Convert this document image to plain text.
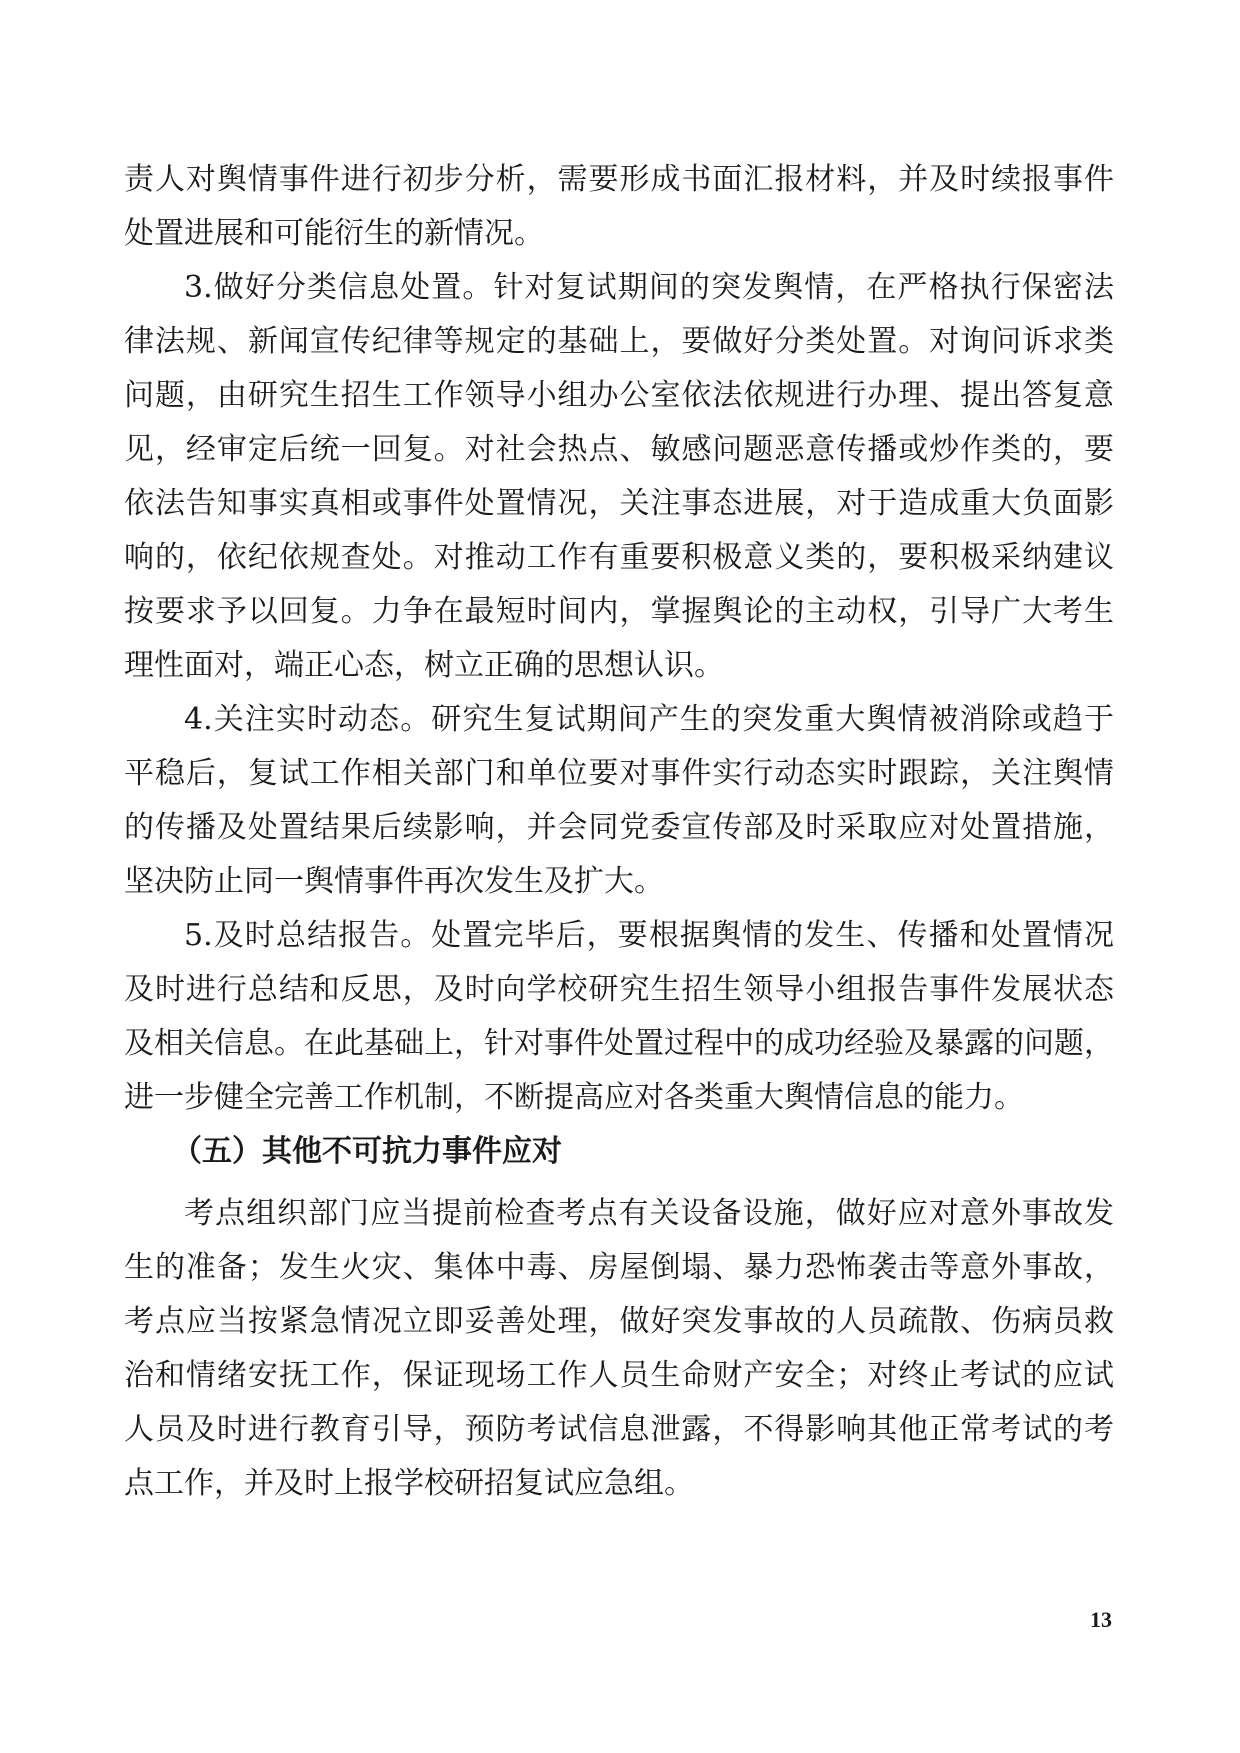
责人对舆情事件进行初步分析，需要形成书面汇报材料，并及时续报事件
处置进展和可能衍生的新情况。
3.做好分类信息处置。针对复试期间的突发舆情，在严格执行保密法
律法规、新闻宣传纪律等规定的基础上，要做好分类处置。对询问诉求类
问题，由研究生招生工作领导小组办公室依法依规进行办理、提出答复意
见，经审定后统一回复。对社会热点、敏感问题恶意传播或炒作类的，要
依法告知事实真相或事件处置情况，关注事态进展，对于造成重大负面影
响的，依纪依规查处。对推动工作有重要积极意义类的，要积极采纳建议
按要求予以回复。力争在最短时间内，掌握舆论的主动权，引导广大考生
理性面对，端正心态，树立正确的思想认识。
4.关注实时动态。研究生复试期间产生的突发重大舆情被消除或趋于
平稳后，复试工作相关部门和单位要对事件实行动态实时跟踪，关注舆情
的传播及处置结果后续影响，并会同党委宣传部及时采取应对处置措施，
坚决防止同一舆情事件再次发生及扩大。
5.及时总结报告。处置完毕后，要根据舆情的发生、传播和处置情况
及时进行总结和反思，及时向学校研究生招生领导小组报告事件发展状态
及相关信息。在此基础上，针对事件处置过程中的成功经验及暴露的问题，
进一步健全完善工作机制，不断提高应对各类重大舆情信息的能力。
（五）其他不可抗力事件应对
考点组织部门应当提前检查考点有关设备设施，做好应对意外事故发
生的准备；发生火灾、集体中毒、房屋倒塌、暴力恐怖袭击等意外事故，
考点应当按紧急情况立即妥善处理，做好突发事故的人员疏散、伤病员救
治和情绪安抚工作，保证现场工作人员生命财产安全；对终止考试的应试
人员及时进行教育引导，预防考试信息泄露，不得影响其他正常考试的考
点工作，并及时上报学校研招复试应急组。
13
